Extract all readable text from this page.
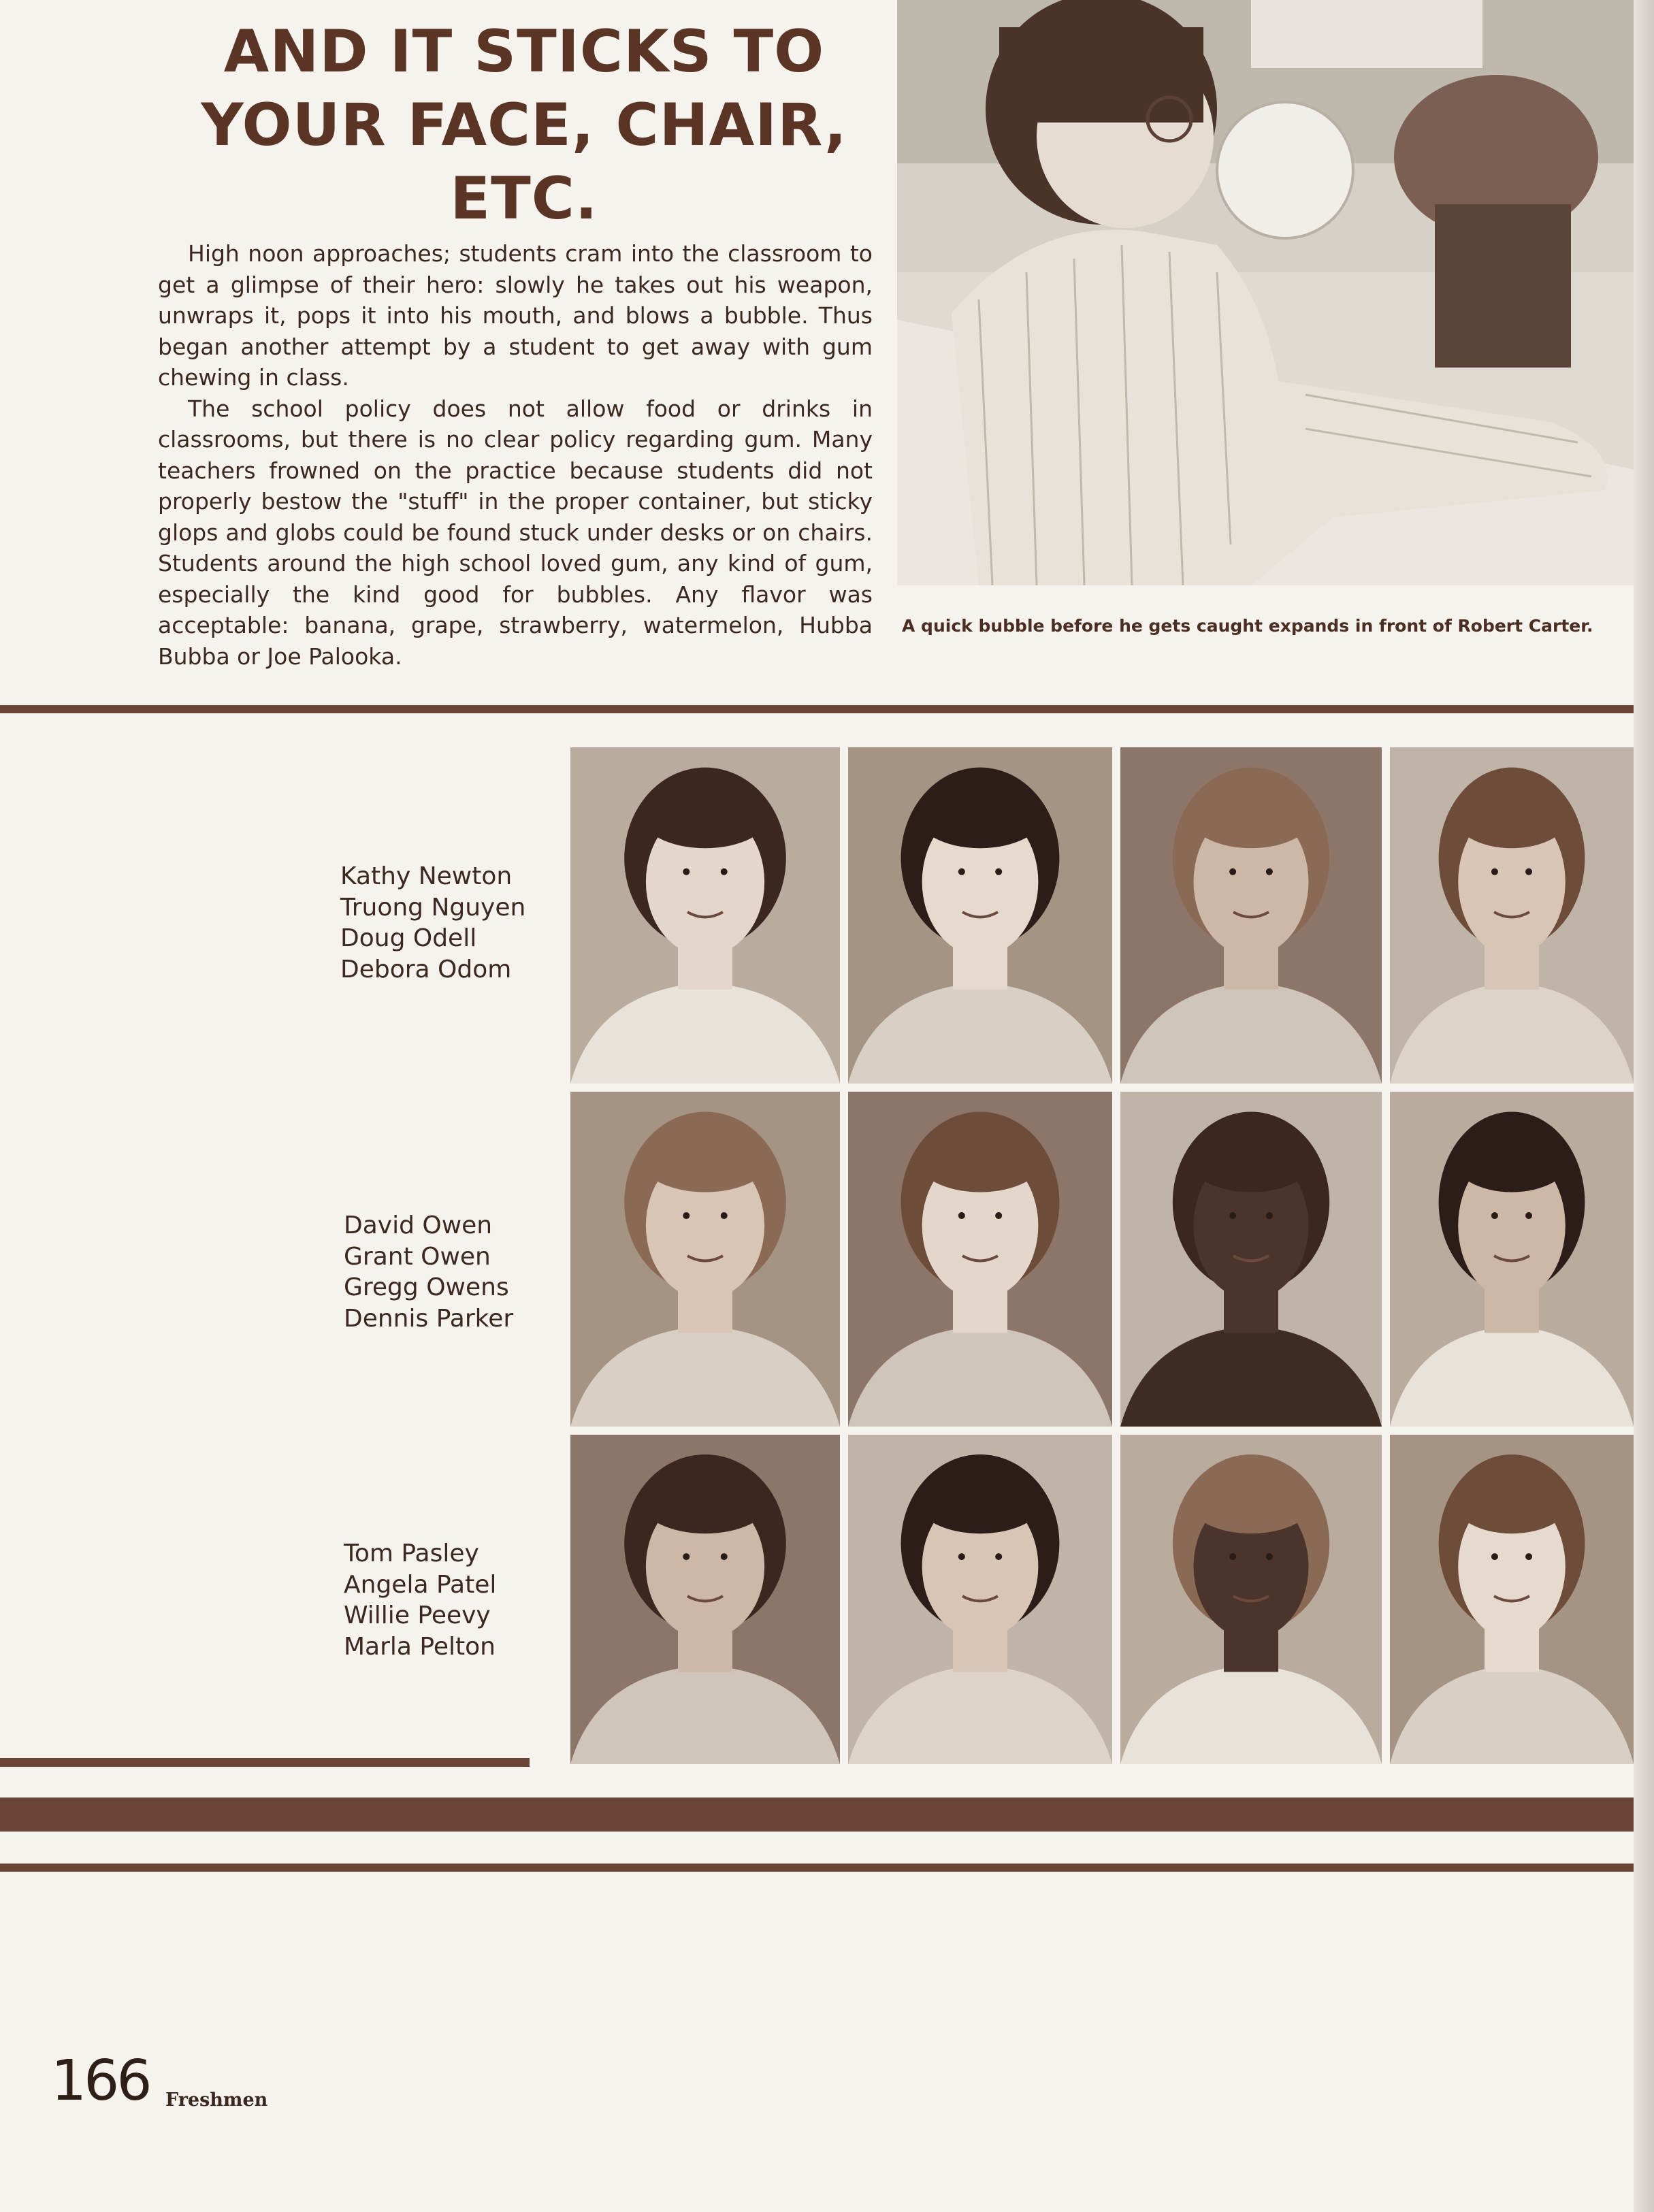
AND IT STICKS TO
YOUR FACE, CHAIR,
ETC.

High noon approaches; students cram into the classroom to get a glimpse of their hero: slowly he takes out his weapon, unwraps it, pops it into his mouth, and blows a bubble. Thus began another attempt by a student to get away with gum chewing in class.

The school policy does not allow food or drinks in classrooms, but there is no clear policy regarding gum. Many teachers frowned on the practice because students did not properly bestow the "stuff" in the proper container, but sticky glops and globs could be found stuck under desks or on chairs. Students around the high school loved gum, any kind of gum, especially the kind good for bubbles. Any flavor was acceptable: banana, grape, strawberry, watermelon, Hubba Bubba or Joe Palooka.

A quick bubble before he gets caught expands in front of Robert Carter.
Kathy Newton
Truong Nguyen
Doug Odell
Debora Odom
David Owen
Grant Owen
Gregg Owens
Dennis Parker
Tom Pasley
Angela Patel
Willie Peevy
Marla Pelton
166 Freshmen
